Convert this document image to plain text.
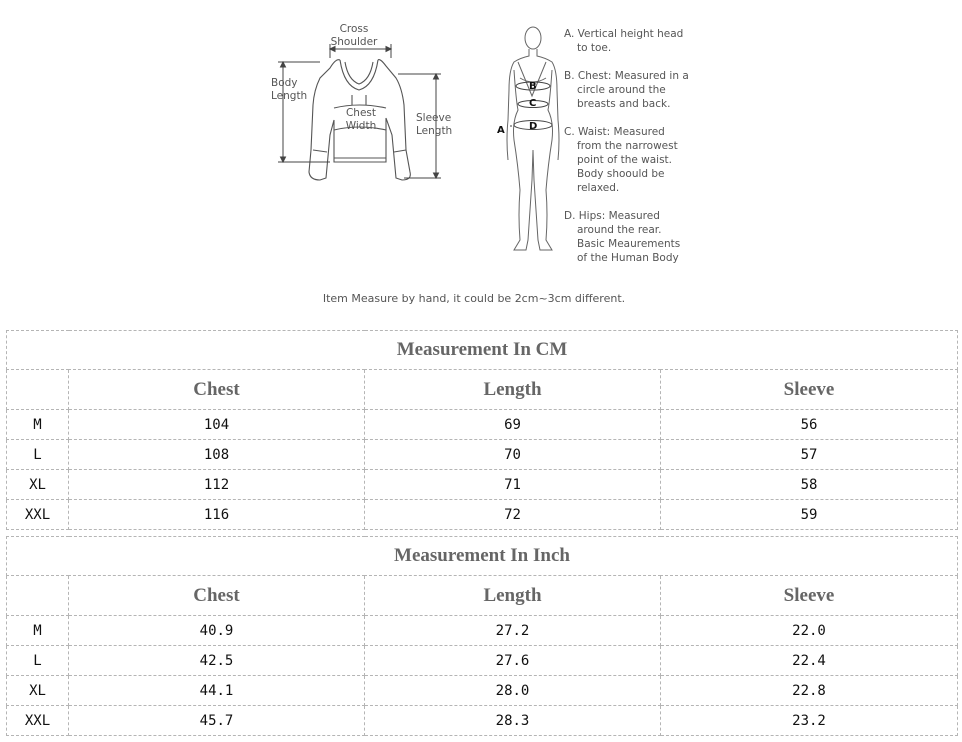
Cross
Shoulder
Body
Length
Chest
Width
Sleeve
Length	A
B
C
D
A. Vertical height head
to toe.
B. Chest: Measured in a
circle around the
breasts and back.
C. Waist: Measured
from the narrowest
point of the waist.
Body shoould be
relaxed.
D. Hips: Measured
around the rear.
Basic Meaurements
of the Human Body
Item Measure by hand, it could be 2cm~3cm different.
Measurement In CM			
	Chest	Length	Sleeve
M	104	69	56
L	108	70	57
XL	112	71	58
XXL	116	72	59
Measurement In Inch			
	Chest	Length	Sleeve
M	40.9	27.2	22.0
L	42.5	27.6	22.4
XL	44.1	28.0	22.8
XXL	45.7	28.3	23.2
